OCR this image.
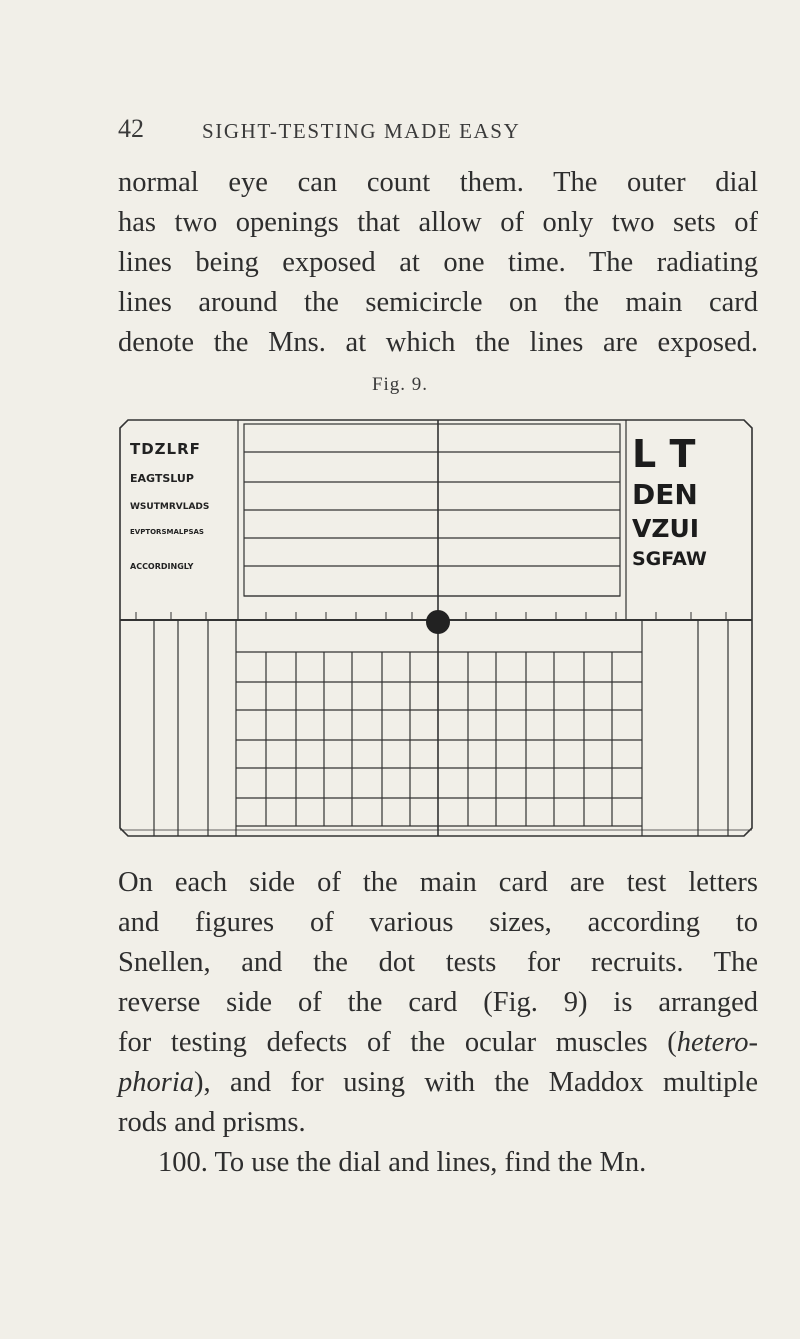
42	SIGHT-TESTING MADE EASY
normal eye can count them. The outer dial
has two openings that allow of only two sets of
lines being exposed at one time. The radiating
lines around the semicircle on the main card
denote the Mns. at which the lines are exposed.
Fig. 9.
TDZLRF
EAGTSLUP
WSUTMRVLADS
EVPTORSMALPSAS
ACCORDINGLY
L T
DEN
VZUI
SGFAW
On each side of the main card are test letters
and figures of various sizes, according to
Snellen, and the dot tests for recruits. The
reverse side of the card (Fig. 9) is arranged
for testing defects of the ocular muscles (hetero-
phoria), and for using with the Maddox multiple
rods and prisms.
100. To use the dial and lines, find the Mn.
